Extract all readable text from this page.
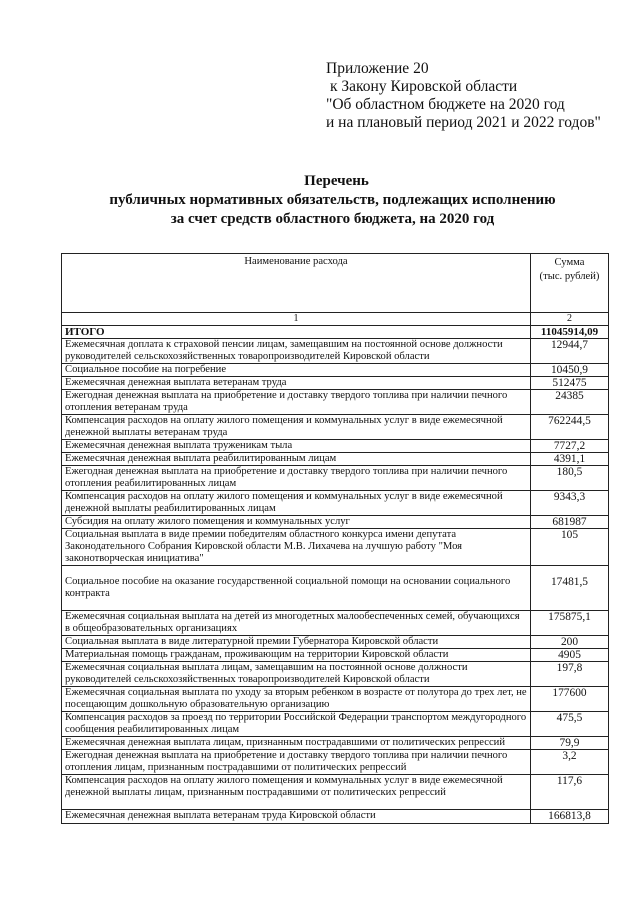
Приложение 20
к Закону Кировской области
"Об областном бюджете на 2020 год
и на плановый период 2021 и 2022 годов"
Перечень
публичных нормативных обязательств, подлежащих исполнению
за счет средств областного бюджета, на 2020 год
Наименование расхода	Сумма
(тыс. рублей)

1	2
ИТОГО	11045914,09
Ежемесячная доплата к страховой пенсии лицам, замещавшим на постоянной основе должности руководителей сельскохозяйственных товаропроизводителей Кировской области	12944,7
Социальное пособие на погребение	10450,9
Ежемесячная денежная выплата ветеранам труда	512475
Ежегодная денежная выплата на приобретение и доставку твердого топлива при наличии печного отопления ветеранам труда	24385
Компенсация расходов на оплату жилого помещения и коммунальных услуг в виде ежемесячной денежной выплаты ветеранам труда	762244,5
Ежемесячная денежная выплата труженикам тыла	7727,2
Ежемесячная денежная выплата реабилитированным лицам	4391,1
Ежегодная денежная выплата на приобретение и доставку твердого топлива при наличии печного отопления реабилитированных лицам	180,5
Компенсация расходов на оплату жилого помещения и коммунальных услуг в виде ежемесячной денежной выплаты реабилитированных лицам	9343,3
Субсидия на оплату жилого помещения и коммунальных услуг	681987
Социальная выплата в виде премии победителям областного конкурса имени депутата Законодательного Собрания Кировской области М.В. Лихачева на лучшую работу "Моя законотворческая инициатива"	105
Социальное пособие на оказание государственной социальной помощи на основании социального контракта	17481,5
Ежемесячная социальная выплата на детей из многодетных малообеспеченных семей, обучающихся в общеобразовательных организациях	175875,1
Социальная выплата в виде литературной премии Губернатора Кировской области	200
Материальная помощь гражданам, проживающим на территории Кировской области	4905
Ежемесячная социальная выплата лицам, замещавшим на постоянной основе должности руководителей сельскохозяйственных товаропроизводителей Кировской области	197,8
Ежемесячная социальная выплата по уходу за вторым ребенком в возрасте от полутора до трех лет, не посещающим дошкольную образовательную организацию	177600
Компенсация расходов за проезд по территории Российской Федерации транспортом междугородного сообщения реабилитированных лицам	475,5
Ежемесячная денежная выплата лицам, признанным пострадавшими от политических репрессий	79,9
Ежегодная денежная выплата на приобретение и доставку твердого топлива при наличии печного отопления лицам, признанным пострадавшими от политических репрессий	3,2
Компенсация расходов на оплату жилого помещения и коммунальных услуг в виде ежемесячной денежной выплаты лицам, признанным пострадавшими от политических репрессий	117,6
Ежемесячная денежная выплата ветеранам труда Кировской области	166813,8
